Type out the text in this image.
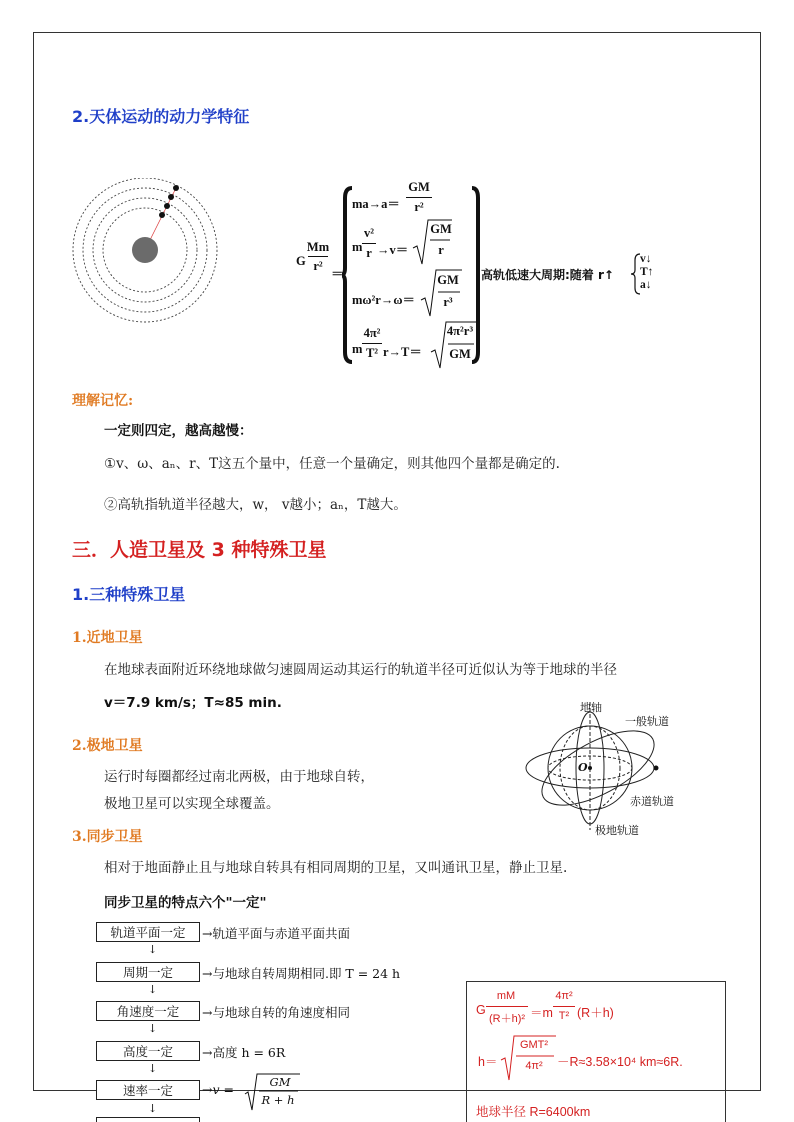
2.天体运动的动力学特征
G
Mm
r²
＝
ma→a＝
GM
r²
m
v²
r →v＝
GM
r
mω²r→ω＝
GM
r³
m
4π²
T² r→T＝
4π²r³
GM
高轨低速大周期:随着 r↑
v↓
T↑
a↓
理解记忆:
一定则四定，越高越慢：
①v、ω、aₙ、r、T这五个量中，任意一个量确定，则其他四个量都是确定的.
②高轨指轨道半径越大，w， v越小；aₙ，T越大。
三．人造卫星及 3 种特殊卫星
1.三种特殊卫星
1.近地卫星
在地球表面附近环绕地球做匀速圆周运动其运行的轨道半径可近似认为等于地球的半径
v＝7.9 km/s；T≈85 min.
2.极地卫星
运行时每圈都经过南北两极，由于地球自转，
极地卫星可以实现全球覆盖。
3.同步卫星
相对于地面静止且与地球自转具有相同周期的卫星，又叫通讯卫星，静止卫星.
同步卫星的特点六个"一定"
地轴
一般轨道
O
赤道轨道
极地轨道
轨道平面一定	→轨道平面与赤道平面共面
↓
周期一定	→与地球自转周期相同.即 T = 24 h
↓
角速度一定	→与地球自转的角速度相同
↓
高度一定	→高度 h = 6R
↓
速率一定	→v =	GM
R + h
↓
G
mM
(R＋h)² ＝m
4π²
T² (R＋h)
h＝
GMT²
4π²	－R≈3.58×10⁴ km≈6R.
地球半径 R=6400km
